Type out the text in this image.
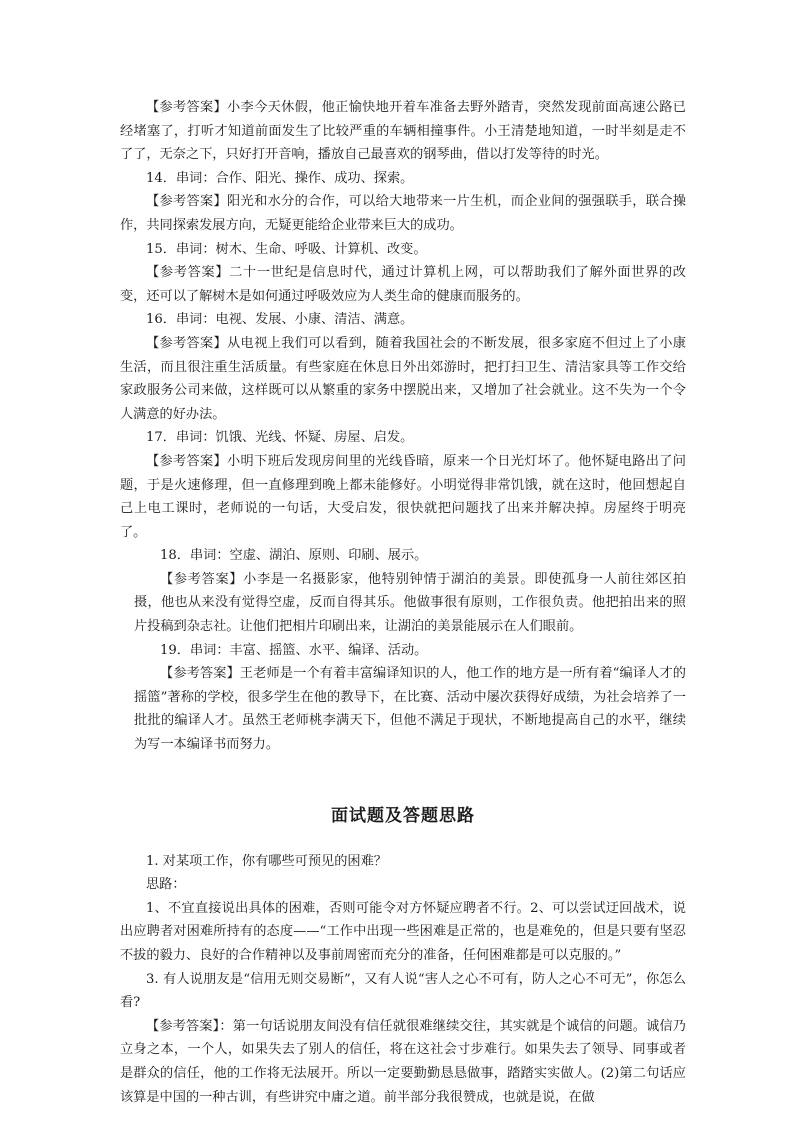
【参考答案】小李今天休假，他正愉快地开着车准备去野外踏青，突然发现前面高速公路已经堵塞了，打听才知道前面发生了比较严重的车辆相撞事件。小王清楚地知道，一时半刻是走不了了，无奈之下，只好打开音响，播放自己最喜欢的钢琴曲，借以打发等待的时光。

14．串词：合作、阳光、操作、成功、探索。

【参考答案】阳光和水分的合作，可以给大地带来一片生机，而企业间的强强联手，联合操作，共同探索发展方向，无疑更能给企业带来巨大的成功。

15．串词：树木、生命、呼吸、计算机、改变。

【参考答案】二十一世纪是信息时代，通过计算机上网，可以帮助我们了解外面世界的改变，还可以了解树木是如何通过呼吸效应为人类生命的健康而服务的。

16．串词：电视、发展、小康、清洁、满意。

【参考答案】从电视上我们可以看到，随着我国社会的不断发展，很多家庭不但过上了小康生活，而且很注重生活质量。有些家庭在休息日外出郊游时，把打扫卫生、清洁家具等工作交给家政服务公司来做，这样既可以从繁重的家务中摆脱出来，又增加了社会就业。这不失为一个令人满意的好办法。

17．串词：饥饿、光线、怀疑、房屋、启发。

【参考答案】小明下班后发现房间里的光线昏暗，原来一个日光灯坏了。他怀疑电路出了问题，于是火速修理，但一直修理到晚上都未能修好。小明觉得非常饥饿，就在这时，他回想起自己上电工课时，老师说的一句话，大受启发，很快就把问题找了出来并解决掉。房屋终于明亮了。

18．串词：空虚、湖泊、原则、印刷、展示。

【参考答案】小李是一名摄影家，他特别钟情于湖泊的美景。即使孤身一人前往郊区拍摄，他也从来没有觉得空虚，反而自得其乐。他做事很有原则，工作很负责。他把拍出来的照片投稿到杂志社。让他们把相片印刷出来，让湖泊的美景能展示在人们眼前。

19．串词：丰富、摇篮、水平、编译、活动。

【参考答案】王老师是一个有着丰富编译知识的人，他工作的地方是一所有着“编译人才的摇篮”著称的学校，很多学生在他的教导下，在比赛、活动中屡次获得好成绩，为社会培养了一批批的编译人才。虽然王老师桃李满天下，但他不满足于现状，不断地提高自己的水平，继续为写一本编译书而努力。

面试题及答题思路

1. 对某项工作，你有哪些可预见的困难？

思路：

1、不宜直接说出具体的困难，否则可能令对方怀疑应聘者不行。2、可以尝试迂回战术，说出应聘者对困难所持有的态度——“工作中出现一些困难是正常的，也是难免的，但是只要有坚忍不拔的毅力、良好的合作精神以及事前周密而充分的准备，任何困难都是可以克服的。”

3. 有人说朋友是“信用无则交易断”，又有人说“害人之心不可有，防人之心不可无”，你怎么看?

【参考答案】：第一句话说朋友间没有信任就很难继续交往，其实就是个诚信的问题。诚信乃立身之本，一个人，如果失去了别人的信任，将在这社会寸步难行。如果失去了领导、同事或者是群众的信任，他的工作将无法展开。所以一定要勤勤恳恳做事，踏踏实实做人。(2)第二句话应该算是中国的一种古训，有些讲究中庸之道。前半部分我很赞成，也就是说，在做
